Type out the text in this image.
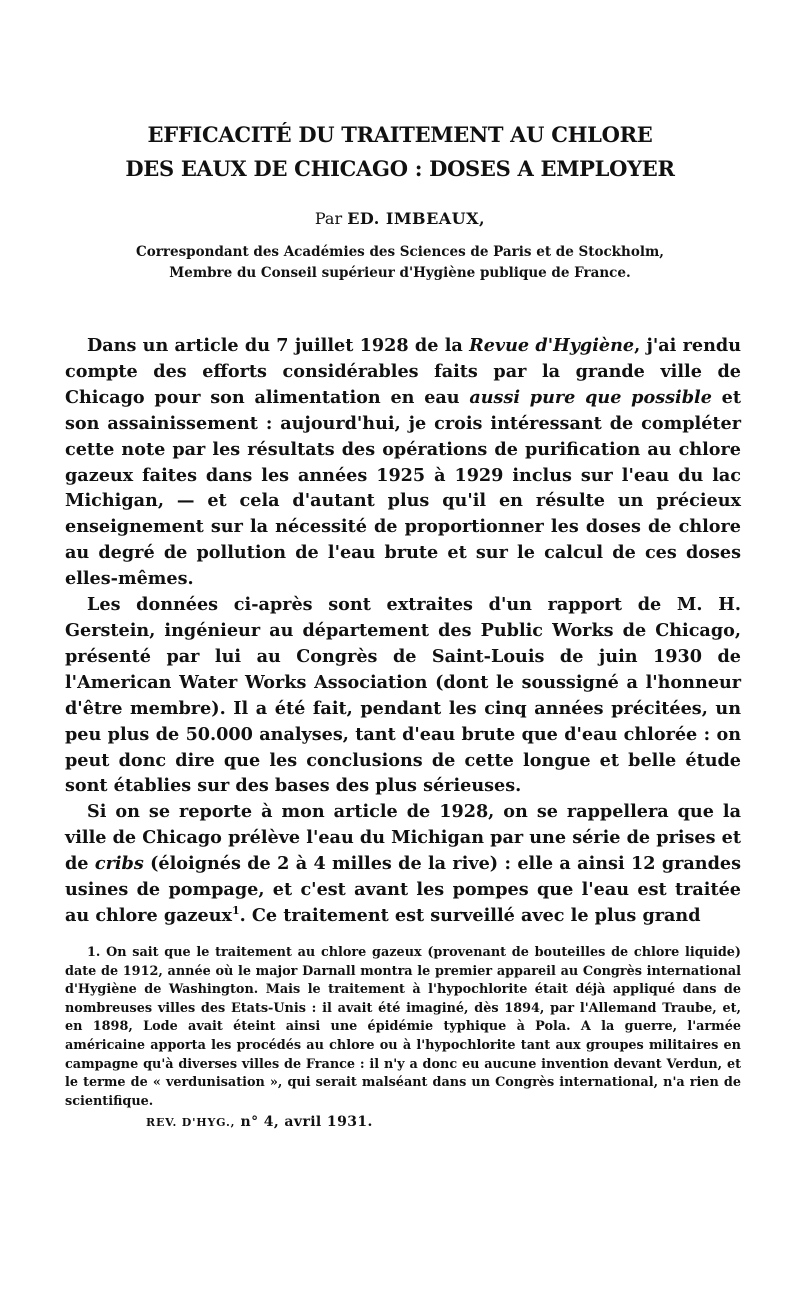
EFFICACITÉ DU TRAITEMENT AU CHLORE
DES EAUX DE CHICAGO : DOSES A EMPLOYER
Par ED. IMBEAUX,
Correspondant des Académies des Sciences de Paris et de Stockholm,
Membre du Conseil supérieur d'Hygiène publique de France.

Dans un article du 7 juillet 1928 de la Revue d'Hygiène, j'ai rendu compte des efforts considérables faits par la grande ville de Chicago pour son alimentation en eau aussi pure que possible et son assainissement : aujourd'hui, je crois intéressant de compléter cette note par les résultats des opérations de purification au chlore gazeux faites dans les années 1925 à 1929 inclus sur l'eau du lac Michigan, — et cela d'autant plus qu'il en résulte un précieux enseignement sur la nécessité de proportionner les doses de chlore au degré de pollution de l'eau brute et sur le calcul de ces doses elles-mêmes.

Les données ci-après sont extraites d'un rapport de M. H. Gerstein, ingénieur au département des Public Works de Chicago, présenté par lui au Congrès de Saint-Louis de juin 1930 de l'American Water Works Association (dont le soussigné a l'honneur d'être membre). Il a été fait, pendant les cinq années précitées, un peu plus de 50.000 analyses, tant d'eau brute que d'eau chlorée : on peut donc dire que les conclusions de cette longue et belle étude sont établies sur des bases des plus sérieuses.

Si on se reporte à mon article de 1928, on se rappellera que la ville de Chicago prélève l'eau du Michigan par une série de prises et de cribs (éloignés de 2 à 4 milles de la rive) : elle a ainsi 12 grandes usines de pompage, et c'est avant les pompes que l'eau est traitée au chlore gazeux$^1$. Ce traitement est surveillé avec le plus grand

1. On sait que le traitement au chlore gazeux (provenant de bouteilles de chlore liquide) date de 1912, année où le major Darnall montra le premier appareil au Congrès international d'Hygiène de Washington. Mais le traitement à l'hypochlorite était déjà appliqué dans de nombreuses villes des Etats-Unis : il avait été imaginé, dès 1894, par l'Allemand Traube, et, en 1898, Lode avait éteint ainsi une épidémie typhique à Pola. A la guerre, l'armée américaine apporta les procédés au chlore ou à l'hypochlorite tant aux groupes militaires en campagne qu'à diverses villes de France : il n'y a donc eu aucune invention devant Verdun, et le terme de « verdunisation », qui serait malséant dans un Congrès international, n'a rien de scientifique.

REV. D'HYG., n° 4, avril 1931.
